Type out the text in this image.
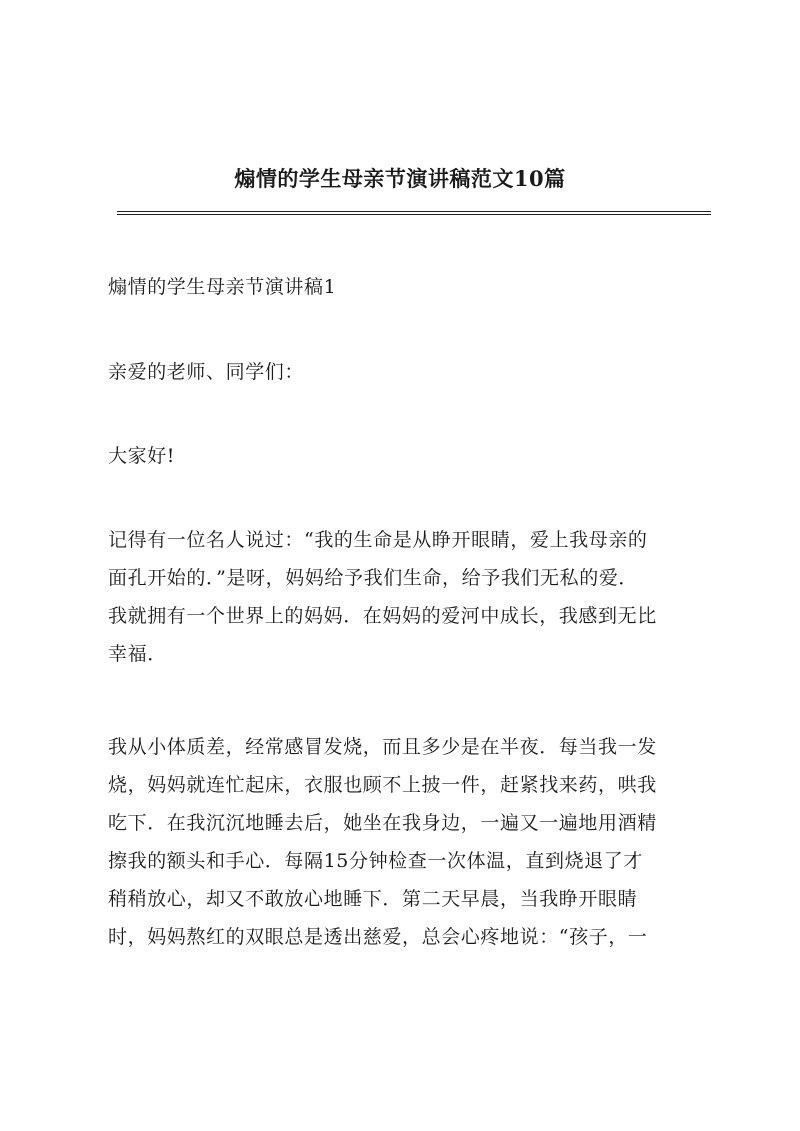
煽情的学生母亲节演讲稿范文10篇
煽情的学生母亲节演讲稿1
亲爱的老师、同学们：
大家好!
记得有一位名人说过：“我的生命是从睁开眼睛，爱上我母亲的
面孔开始的．”是呀，妈妈给予我们生命，给予我们无私的爱．
我就拥有一个世界上的妈妈．在妈妈的爱河中成长，我感到无比
幸福．
我从小体质差，经常感冒发烧，而且多少是在半夜．每当我一发
烧，妈妈就连忙起床，衣服也顾不上披一件，赶紧找来药，哄我
吃下．在我沉沉地睡去后，她坐在我身边，一遍又一遍地用酒精
擦我的额头和手心．每隔15分钟检查一次体温，直到烧退了才
稍稍放心，却又不敢放心地睡下．第二天早晨，当我睁开眼睛
时，妈妈熬红的双眼总是透出慈爱，总会心疼地说：“孩子，一
